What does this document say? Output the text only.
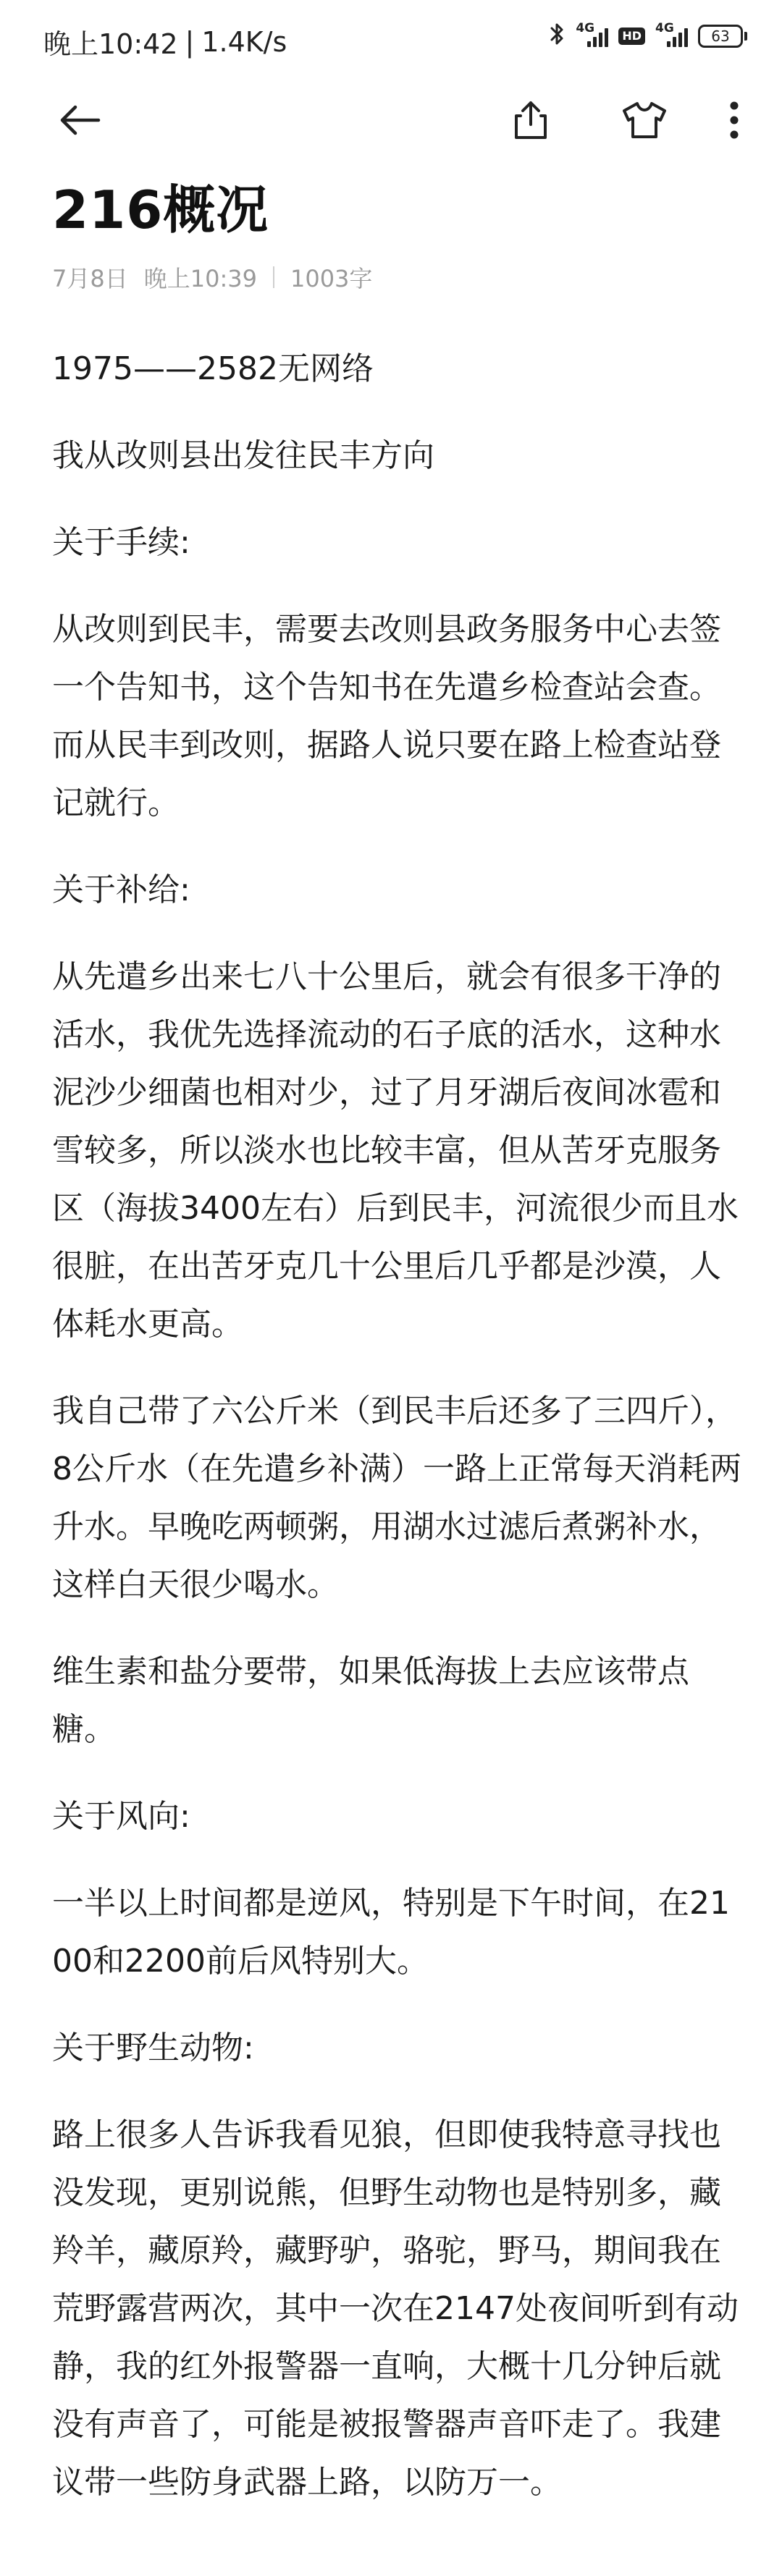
晚上10:42 | 1.4K/s	4G
HD
4G	63
216概况
7月8日 晚上10:39 1003字

1975——2582无网络

我从改则县出发往民丰方向

关于手续:

从改则到民丰，需要去改则县政务服务中心去签一个告知书，这个告知书在先遣乡检查站会查。而从民丰到改则，据路人说只要在路上检查站登记就行。

关于补给:

从先遣乡出来七八十公里后，就会有很多干净的活水，我优先选择流动的石子底的活水，这种水泥沙少细菌也相对少，过了月牙湖后夜间冰雹和雪较多，所以淡水也比较丰富，但从苦牙克服务区（海拔3400左右）后到民丰，河流很少而且水很脏，在出苦牙克几十公里后几乎都是沙漠，人体耗水更高。

我自己带了六公斤米（到民丰后还多了三四斤），8公斤水（在先遣乡补满）一路上正常每天消耗两升水。早晚吃两顿粥，用湖水过滤后煮粥补水，这样白天很少喝水。

维生素和盐分要带，如果低海拔上去应该带点糖。

关于风向:

一半以上时间都是逆风，特别是下午时间，在2100和2200前后风特别大。

关于野生动物:

路上很多人告诉我看见狼，但即使我特意寻找也没发现，更别说熊，但野生动物也是特别多，藏羚羊，藏原羚，藏野驴，骆驼，野马，期间我在荒野露营两次，其中一次在2147处夜间听到有动静，我的红外报警器一直响，大概十几分钟后就没有声音了，可能是被报警器声音吓走了。我建议带一些防身武器上路，以防万一。
